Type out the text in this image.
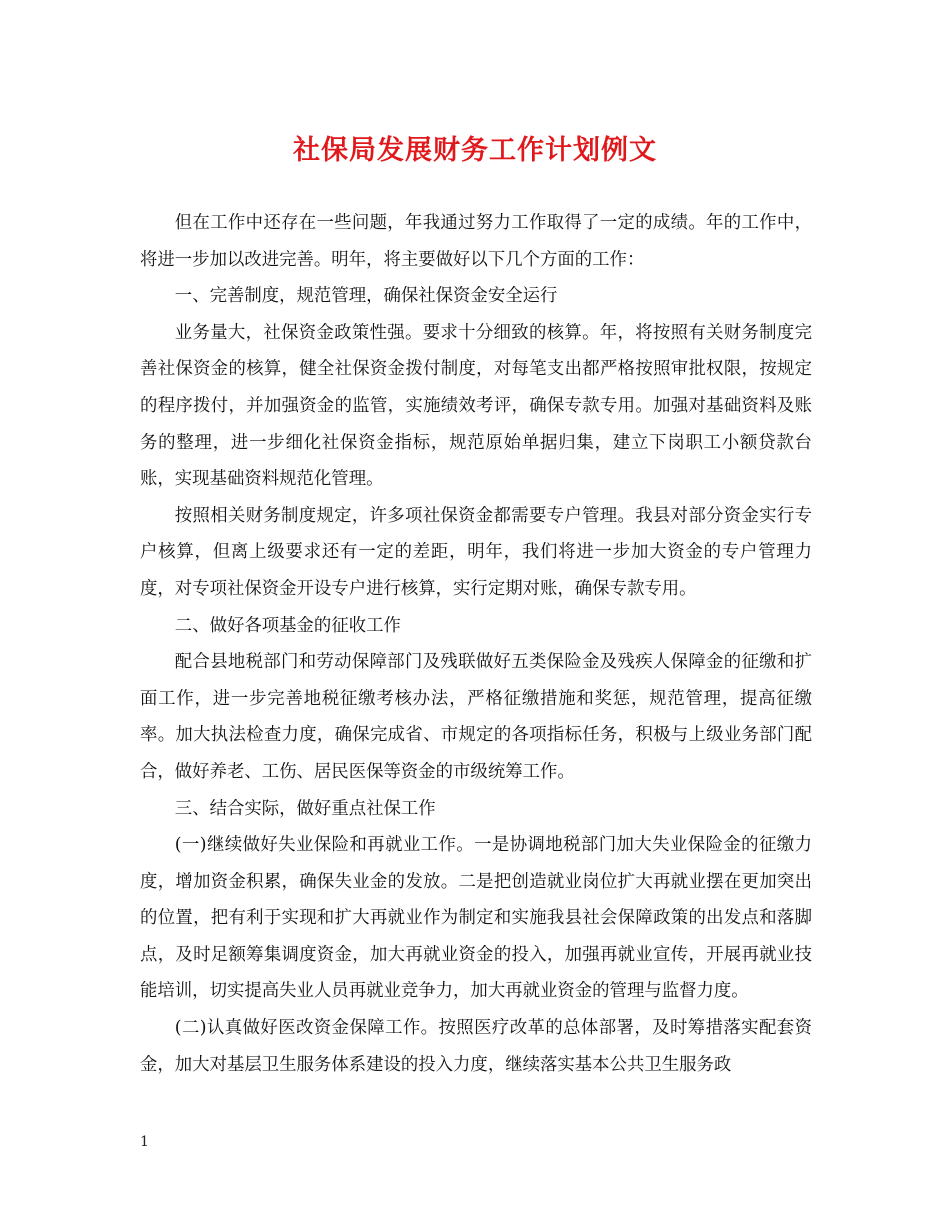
社保局发展财务工作计划例文

但在工作中还存在一些问题，年我通过努力工作取得了一定的成绩。年的工作中，将进一步加以改进完善。明年，将主要做好以下几个方面的工作：

一、完善制度，规范管理，确保社保资金安全运行

业务量大，社保资金政策性强。要求十分细致的核算。年，将按照有关财务制度完善社保资金的核算，健全社保资金拨付制度，对每笔支出都严格按照审批权限，按规定的程序拨付，并加强资金的监管，实施绩效考评，确保专款专用。加强对基础资料及账务的整理，进一步细化社保资金指标，规范原始单据归集，建立下岗职工小额贷款台账，实现基础资料规范化管理。

按照相关财务制度规定，许多项社保资金都需要专户管理。我县对部分资金实行专户核算，但离上级要求还有一定的差距，明年，我们将进一步加大资金的专户管理力度，对专项社保资金开设专户进行核算，实行定期对账，确保专款专用。

二、做好各项基金的征收工作

配合县地税部门和劳动保障部门及残联做好五类保险金及残疾人保障金的征缴和扩面工作，进一步完善地税征缴考核办法，严格征缴措施和奖惩，规范管理，提高征缴率。加大执法检查力度，确保完成省、市规定的各项指标任务，积极与上级业务部门配合，做好养老、工伤、居民医保等资金的市级统筹工作。

三、结合实际，做好重点社保工作

(一)继续做好失业保险和再就业工作。一是协调地税部门加大失业保险金的征缴力度，增加资金积累，确保失业金的发放。二是把创造就业岗位扩大再就业摆在更加突出的位置，把有利于实现和扩大再就业作为制定和实施我县社会保障政策的出发点和落脚点，及时足额筹集调度资金，加大再就业资金的投入，加强再就业宣传，开展再就业技能培训，切实提高失业人员再就业竞争力，加大再就业资金的管理与监督力度。

(二)认真做好医改资金保障工作。按照医疗改革的总体部署，及时筹措落实配套资金，加大对基层卫生服务体系建设的投入力度，继续落实基本公共卫生服务政

1
